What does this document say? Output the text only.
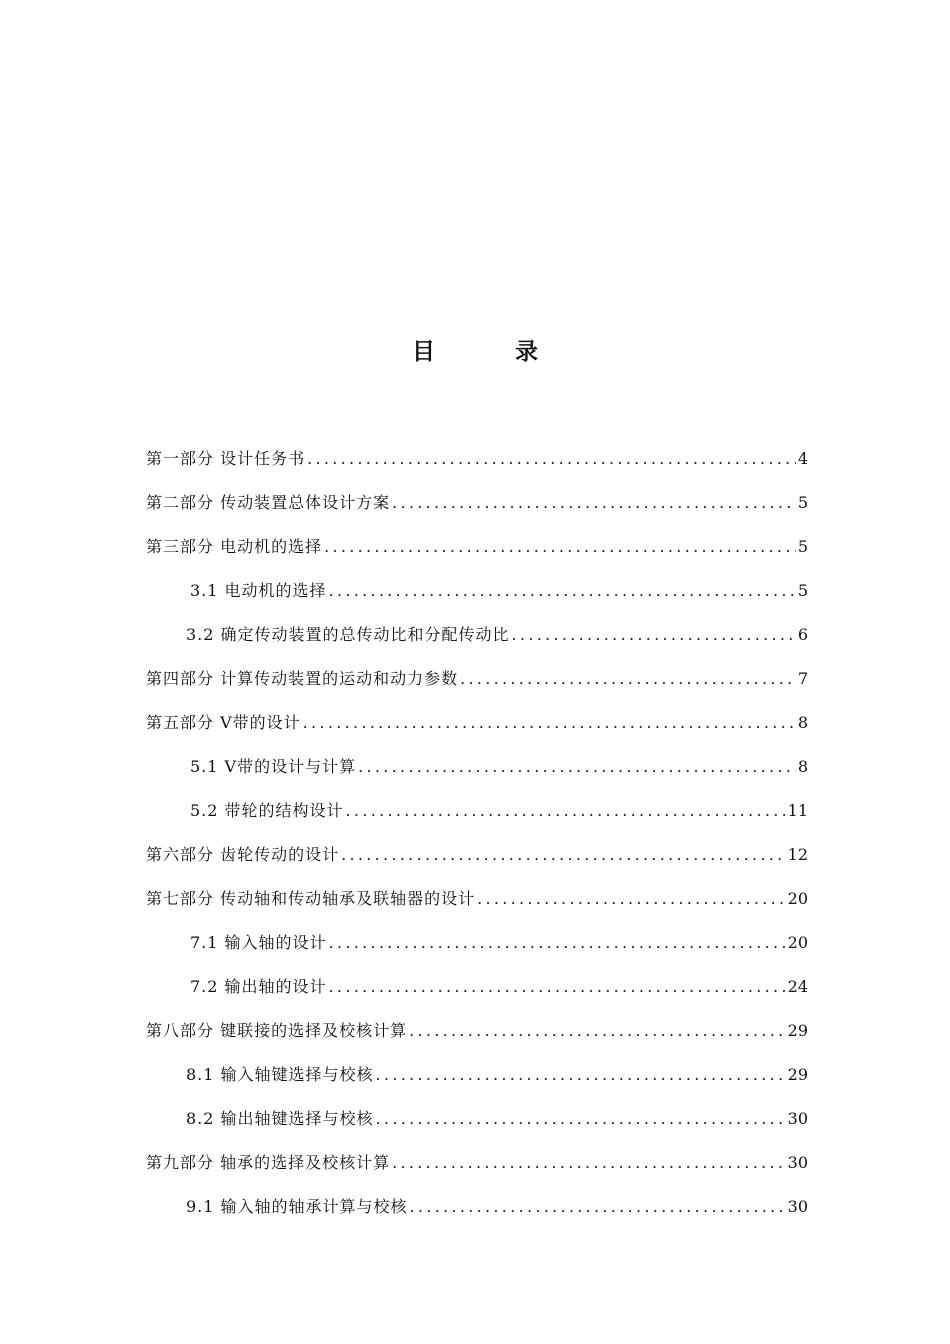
目 录
第一部分 设计任务书 .....	4
第二部分 传动装置总体设计方案 .....	5
第三部分 电动机的选择 .....	5
3.1 电动机的选择 .....	5
3.2 确定传动装置的总传动比和分配传动比 .....	6
第四部分 计算传动装置的运动和动力参数 .....	7
第五部分 V带的设计 .....	8
5.1 V带的设计与计算 .....	8
5.2 带轮的结构设计 .....	11
第六部分 齿轮传动的设计 .....	12
第七部分 传动轴和传动轴承及联轴器的设计 .....	20
7.1 输入轴的设计 .....	20
7.2 输出轴的设计 .....	24
第八部分 键联接的选择及校核计算 .....	29
8.1 输入轴键选择与校核 .....	29
8.2 输出轴键选择与校核 .....	30
第九部分 轴承的选择及校核计算 .....	30
9.1 输入轴的轴承计算与校核 .....	30
